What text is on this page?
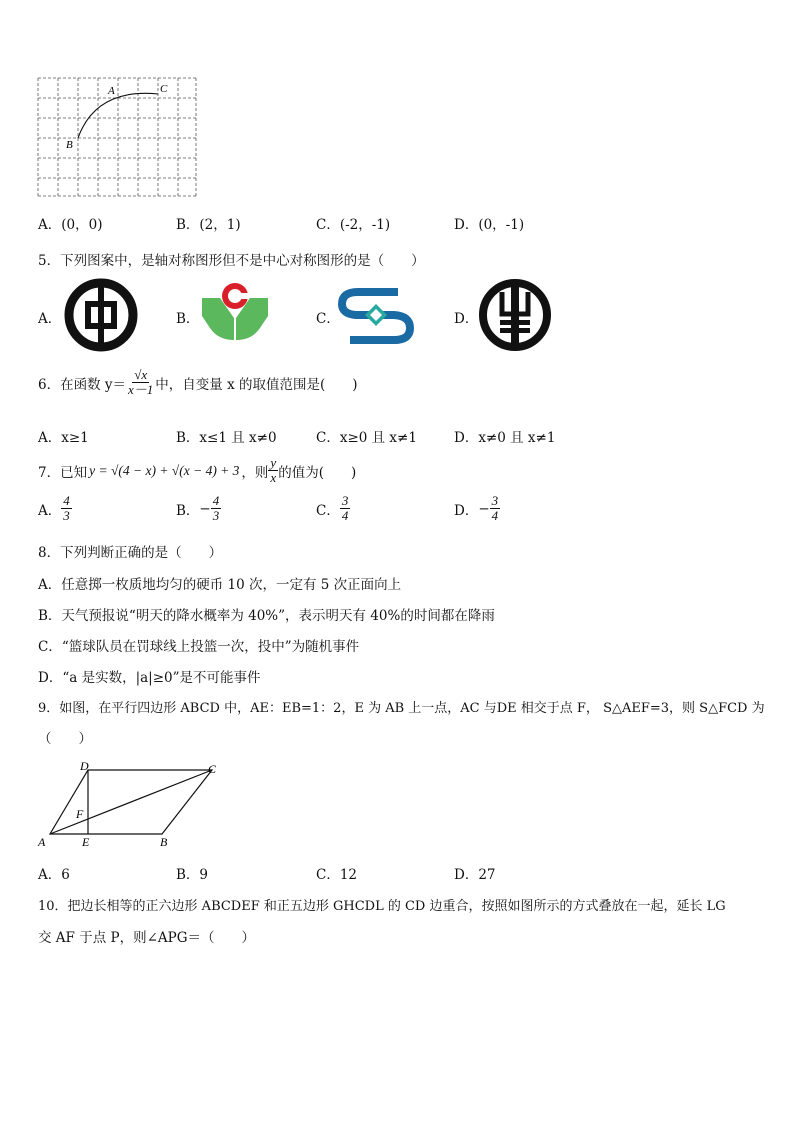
A	C
B
A．(0，0)	B．(2，1)	C．(-2，-1)	D．(0，-1)
5．下列图案中，是轴对称图形但不是中心对称图形的是（　　）
A．	B．	C．	D．
6．在函数 $y= \frac{√x}{x-1}$ 中，自变量 x 的取值范围是(　　)
A．x≥1	B．x≤1 且 x≠0	C．x≥0 且 x≠1	D．x≠0 且 x≠1
7．已知 y = √(4 − x) + √(x − 4) + 3 ，则 $\frac{y}{x}$ 的值为(　　)
A． $\frac{4}{3}$	B． − $\frac{4}{3}$	C． $\frac{3}{4}$	D． − $\frac{3}{4}$
8．下列判断正确的是（　　）
A．任意掷一枚质地均匀的硬币 10 次，一定有 5 次正面向上
B．天气预报说“明天的降水概率为 40%”，表示明天有 40%的时间都在降雨
C．“篮球队员在罚球线上投篮一次，投中”为随机事件
D．“a 是实数，|a|≥0”是不可能事件
9．如图，在平行四边形 ABCD 中，AE：EB=1：2，E 为 AB 上一点，AC 与DE 相交于点 F， S△AEF=3，则 S△FCD 为
（　　）
A	B
C
D
E
F
A．6	B．9	C．12	D．27
10．把边长相等的正六边形 ABCDEF 和正五边形 GHCDL 的 CD 边重合，按照如图所示的方式叠放在一起，延长 LG
交 AF 于点 P，则∠APG＝（　　）
